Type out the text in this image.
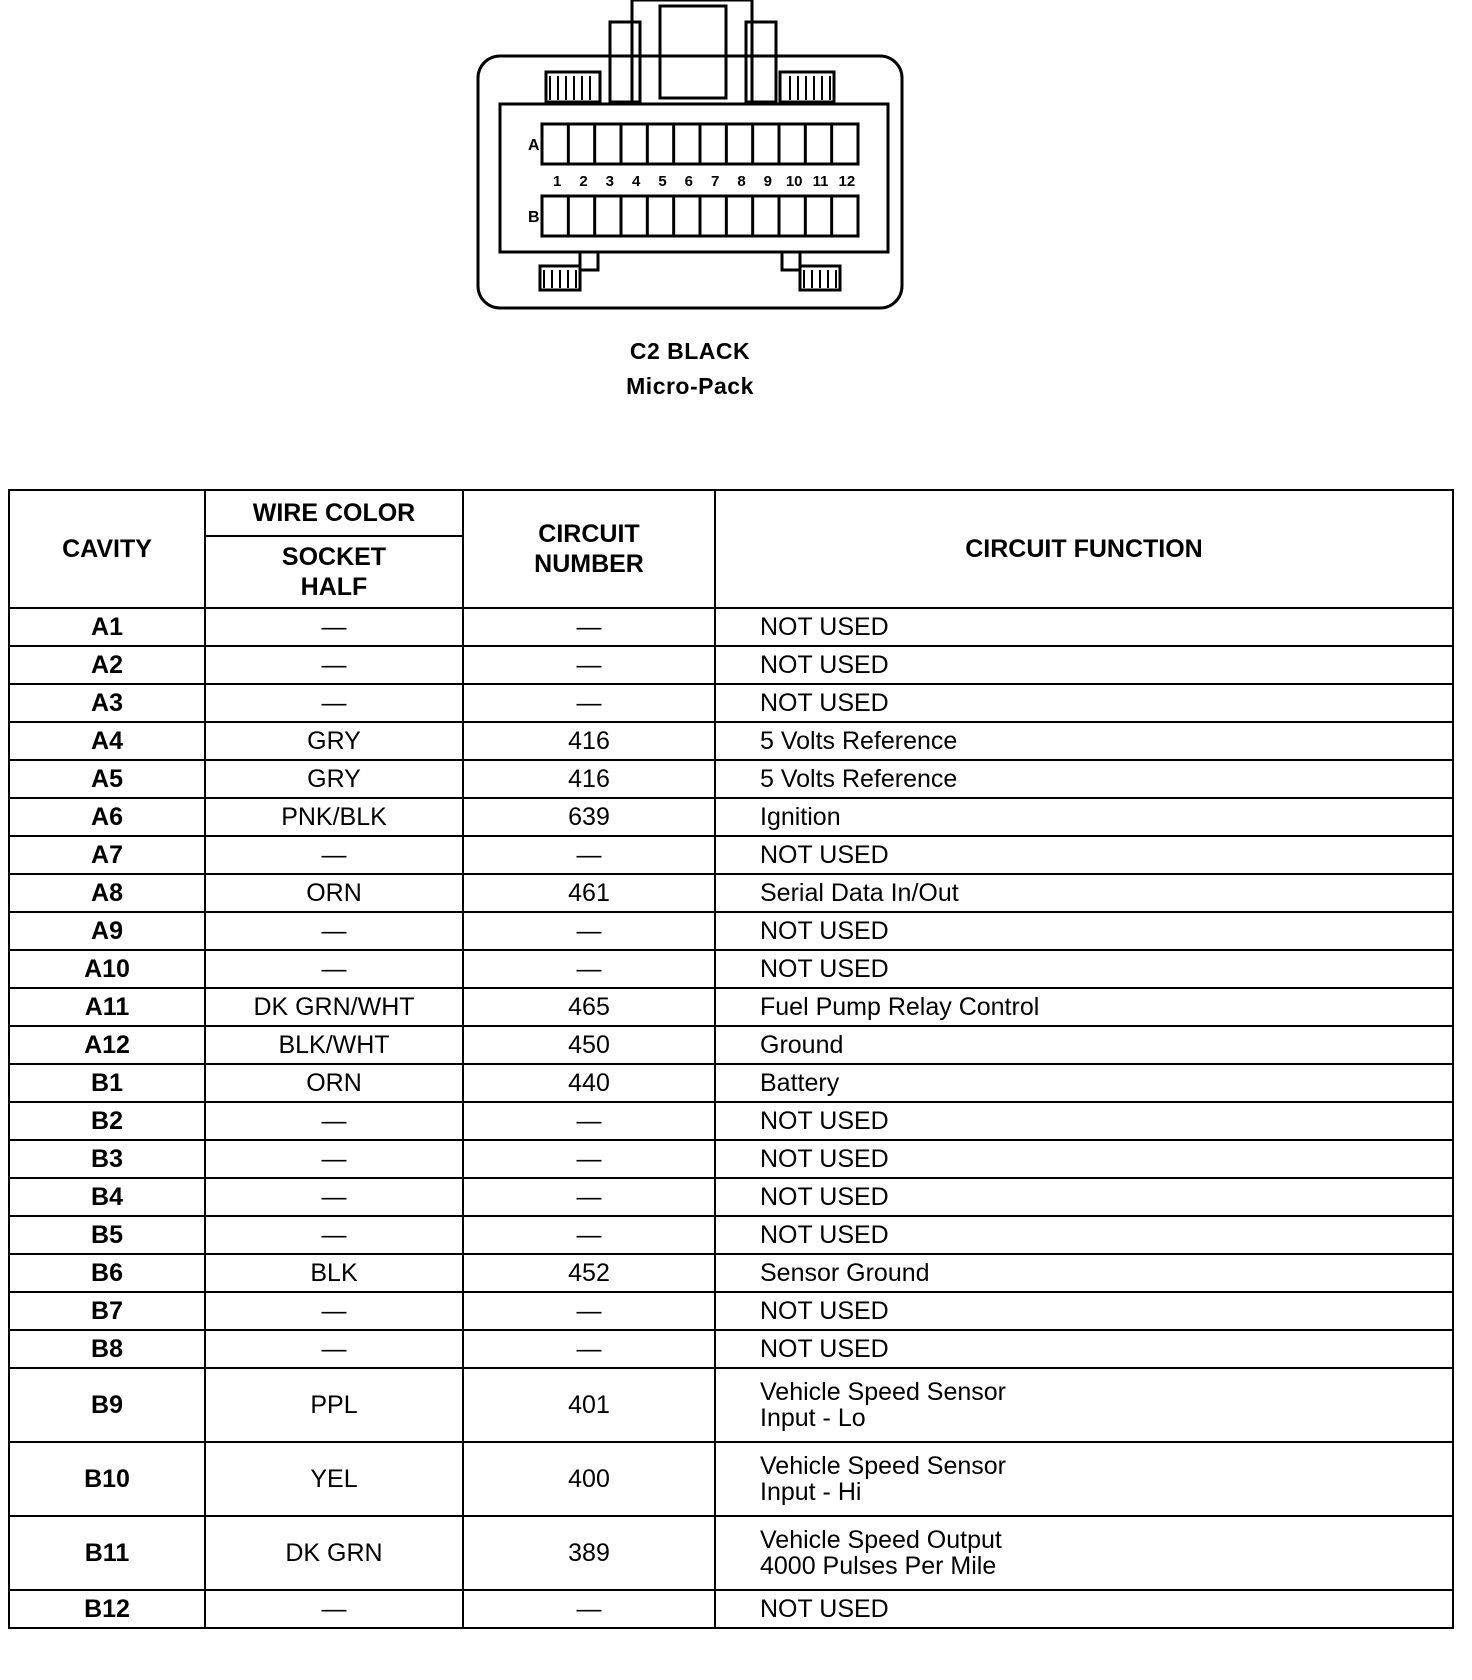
A
B
1 2 3 4 5 6 7 8 9 10 11 12
C2 BLACK
Micro-Pack
CAVITY	WIRE COLOR	CIRCUIT NUMBER	CIRCUIT FUNCTION
	SOCKET HALF		
A1	—	—	NOT USED
A2	—	—	NOT USED
A3	—	—	NOT USED
A4	GRY	416	5 Volts Reference
A5	GRY	416	5 Volts Reference
A6	PNK/BLK	639	Ignition
A7	—	—	NOT USED
A8	ORN	461	Serial Data In/Out
A9	—	—	NOT USED
A10	—	—	NOT USED
A11	DK GRN/WHT	465	Fuel Pump Relay Control
A12	BLK/WHT	450	Ground
B1	ORN	440	Battery
B2	—	—	NOT USED
B3	—	—	NOT USED
B4	—	—	NOT USED
B5	—	—	NOT USED
B6	BLK	452	Sensor Ground
B7	—	—	NOT USED
B8	—	—	NOT USED
B9	PPL	401	Vehicle Speed Sensor
Input - Lo

B10	YEL	400	Vehicle Speed Sensor
Input - Hi

B11	DK GRN	389	Vehicle Speed Output
4000 Pulses Per Mile

B12	—	—	NOT USED
